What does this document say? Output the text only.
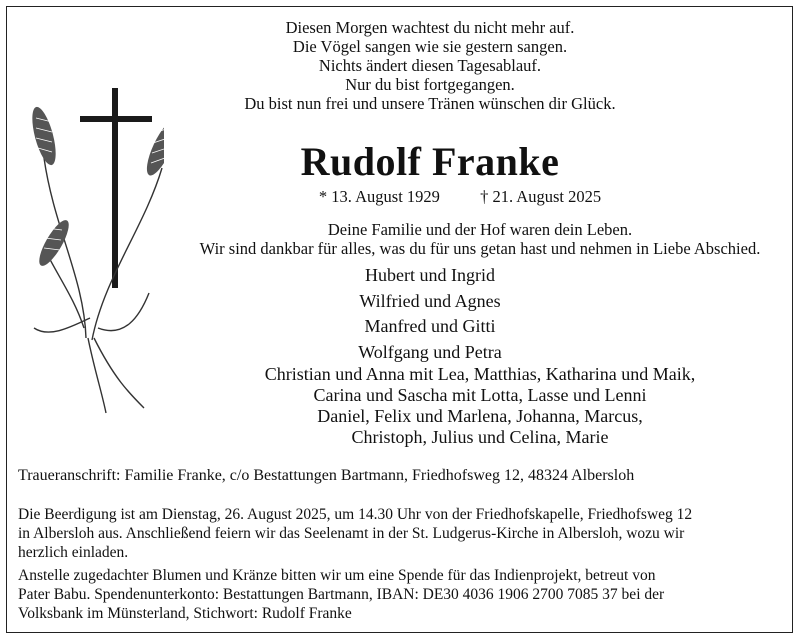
Diesen Morgen wachtest du nicht mehr auf.
Die Vögel sangen wie sie gestern sangen.
Nichts ändert diesen Tagesablauf.
Nur du bist fortgegangen.
Du bist nun frei und unsere Tränen wünschen dir Glück.
Rudolf Franke
* 13. August 1929 † 21. August 2025
Deine Familie und der Hof waren dein Leben.
Wir sind dankbar für alles, was du für uns getan hast und nehmen in Liebe Abschied.
Hubert und Ingrid
Wilfried und Agnes
Manfred und Gitti
Wolfgang und Petra
Christian und Anna mit Lea, Matthias, Katharina und Maik,
Carina und Sascha mit Lotta, Lasse und Lenni
Daniel, Felix und Marlena, Johanna, Marcus,
Christoph, Julius und Celina, Marie
Traueranschrift: Familie Franke, c/o Bestattungen Bartmann, Friedhofsweg 12, 48324 Albersloh
Die Beerdigung ist am Dienstag, 26. August 2025, um 14.30 Uhr von der Friedhofskapelle, Friedhofsweg 12
in Albersloh aus. Anschließend feiern wir das Seelenamt in der St. Ludgerus-Kirche in Albersloh, wozu wir
herzlich einladen.
Anstelle zugedachter Blumen und Kränze bitten wir um eine Spende für das Indienprojekt, betreut von
Pater Babu. Spendenunterkonto: Bestattungen Bartmann, IBAN: DE30 4036 1906 2700 7085 37 bei der
Volksbank im Münsterland, Stichwort: Rudolf Franke
